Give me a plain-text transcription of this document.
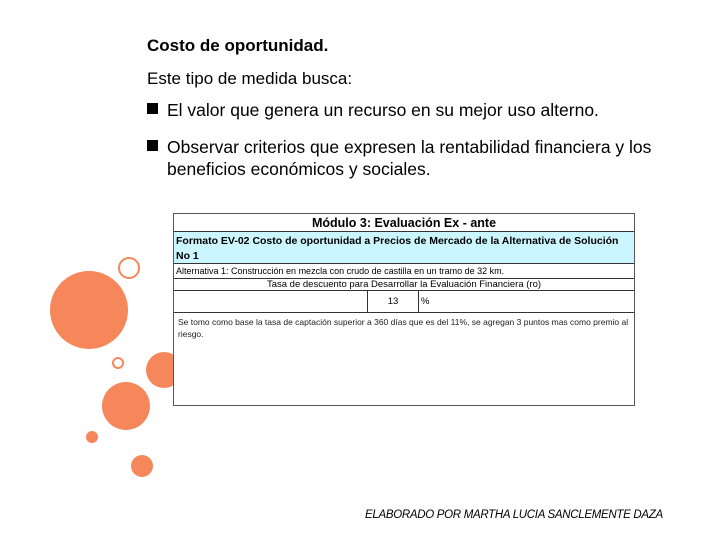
Costo de oportunidad.
Este tipo de medida busca:
El valor que genera un recurso en su mejor uso alterno.
Observar criterios que expresen la rentabilidad financiera y los beneficios económicos y sociales.
Módulo 3: Evaluación Ex - ante
Formato EV-02 Costo de oportunidad a Precios de Mercado de la Alternativa de Solución No 1
Alternativa 1: Construcción en mezcla con crudo de castilla en un tramo de 32 km.
Tasa de descuento para Desarrollar la Evaluación Financiera (ro)
13	%
Se tomo como base la tasa de captación superior a 360 días que es del 11%, se agregan 3 puntos mas como premio al riesgo.
ELABORADO POR MARTHA LUCIA SANCLEMENTE DAZA
